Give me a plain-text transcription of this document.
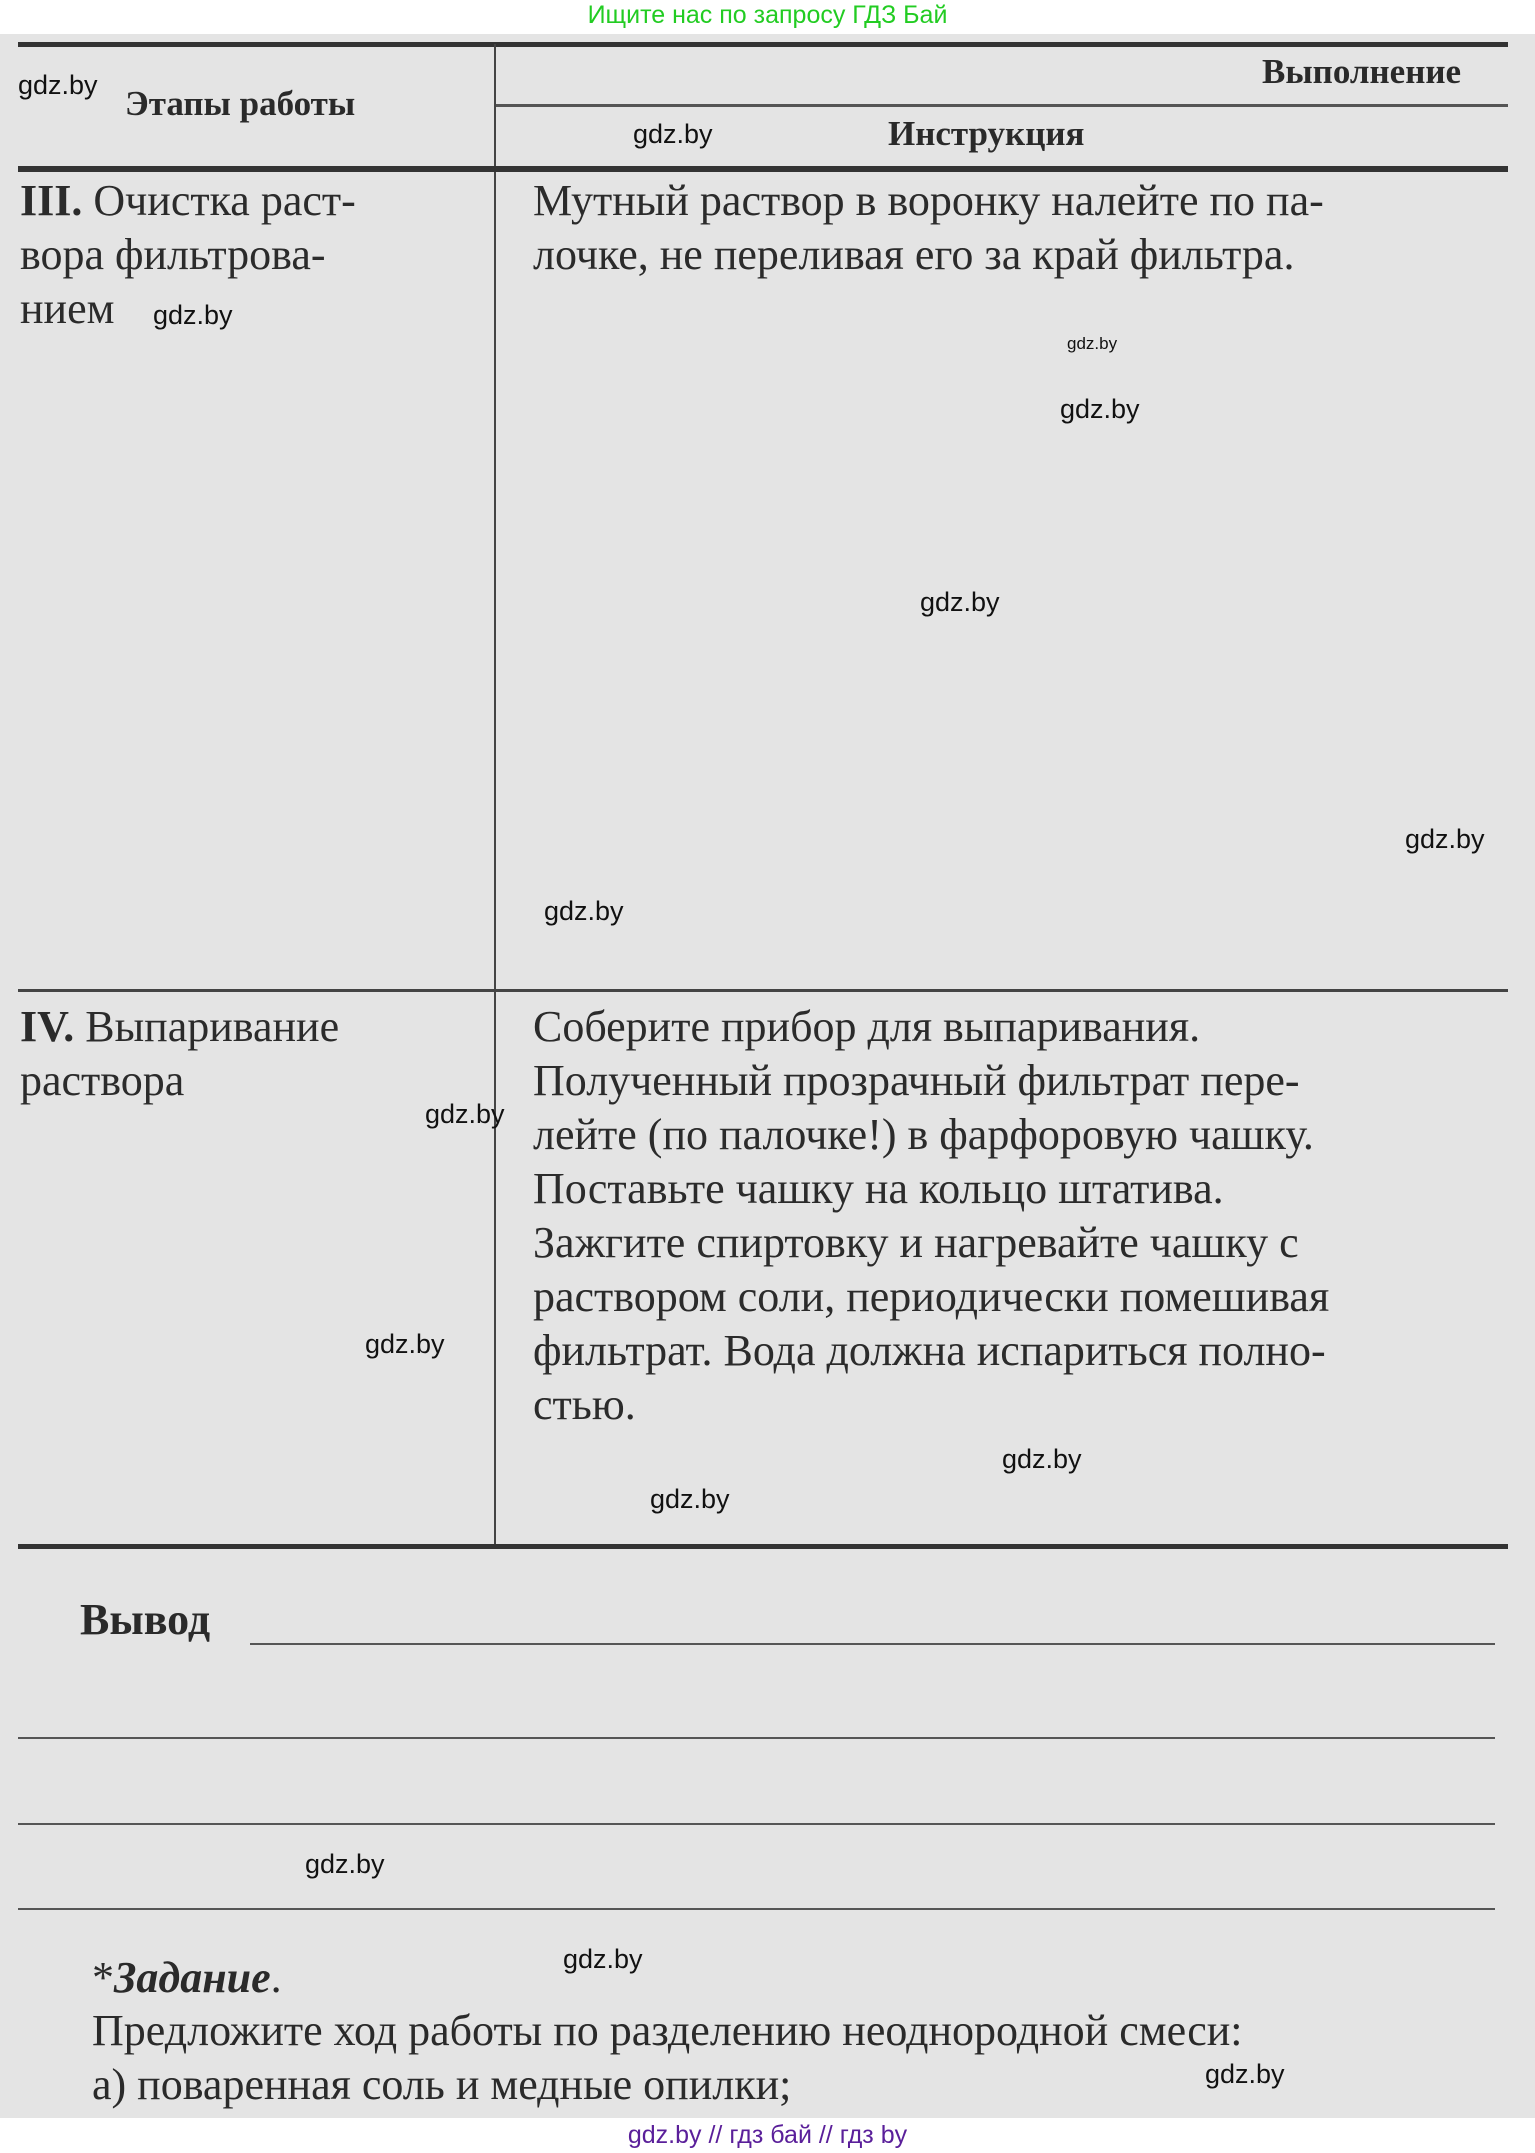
Ищите нас по запросу ГДЗ Бай
Этапы работы
Выполнение
Инструкция
III. Очистка раст-
вора фильтрова-
нием
Мутный раствор в воронку налейте по па-
лочке, не переливая его за край фильтра.
IV. Выпаривание
раствора
Соберите прибор для выпаривания.
Полученный прозрачный фильтрат пере-
лейте (по палочке!) в фарфоровую чашку.
Поставьте чашку на кольцо штатива.
Зажгите спиртовку и нагревайте чашку с
раствором соли, периодически помешивая
фильтрат. Вода должна испариться полно-
стью.
Вывод
*Задание.
Предложите ход работы по разделению неоднородной смеси:
а) поваренная соль и медные опилки;
gdz.by
gdz.by
gdz.by
gdz.by
gdz.by
gdz.by
gdz.by
gdz.by
gdz.by
gdz.by
gdz.by
gdz.by
gdz.by
gdz.by
gdz.by
gdz.by // гдз бай // гдз by
